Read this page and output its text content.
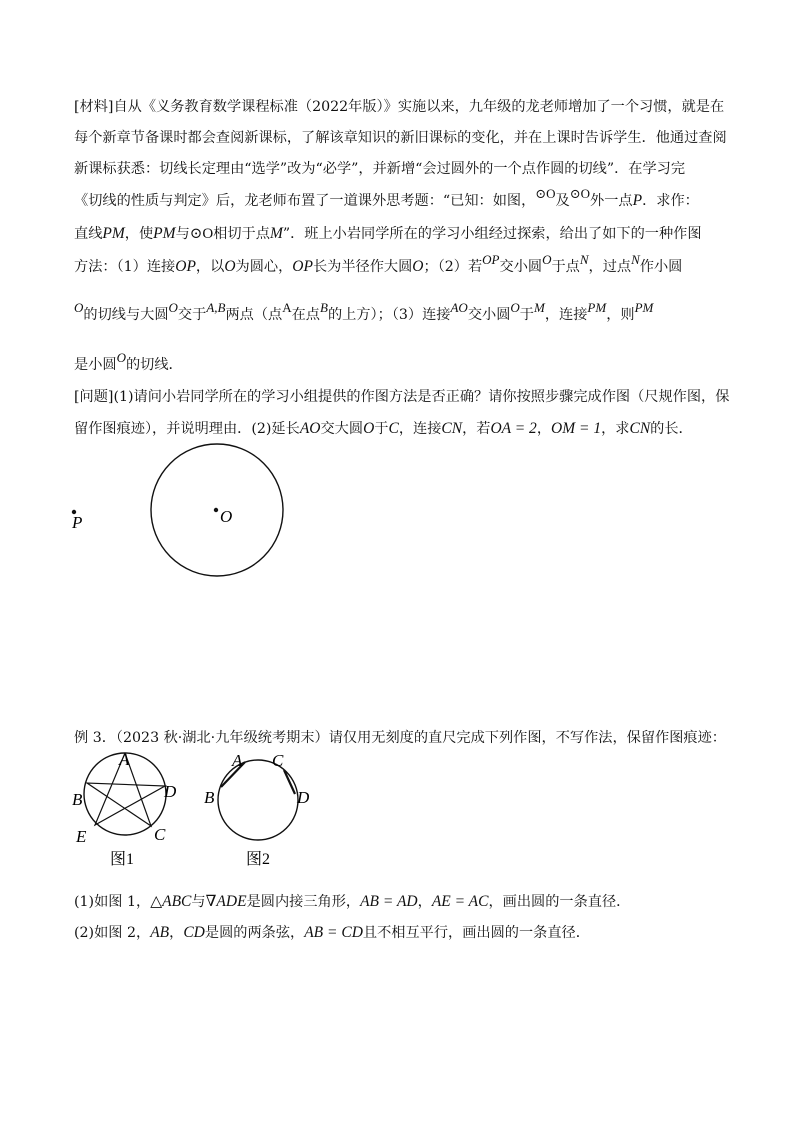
[材料]自从《义务教育数学课程标准（2022年版）》实施以来，九年级的龙老师增加了一个习惯，就是在
每个新章节备课时都会查阅新课标，了解该章知识的新旧课标的变化，并在上课时告诉学生．他通过查阅
新课标获悉：切线长定理由“选学”改为“必学”，并新增“会过圆外的一个点作圆的切线”．在学习完
《切线的性质与判定》后，龙老师布置了一道课外思考题：“已知：如图，⊙O及⊙O外一点P．求作：
直线PM，使PM与⊙O相切于点M”．班上小岩同学所在的学习小组经过探索，给出了如下的一种作图
方法：（1）连接OP，以O为圆心，OP长为半径作大圆O；（2）若OP交小圆O于点N，过点N作小圆
O的切线与大圆O交于A,B两点（点A在点B的上方）；（3）连接AO交小圆O于M，连接PM，则PM
是小圆O的切线．
[问题](1)请问小岩同学所在的学习小组提供的作图方法是否正确？请你按照步骤完成作图（尺规作图，保
留作图痕迹），并说明理由．(2)延长AO交大圆O于C，连接CN，若OA = 2，OM = 1，求CN的长．
O
P
例 3．（2023 秋·湖北·九年级统考期末）请仅用无刻度的直尺完成下列作图，不写作法，保留作图痕迹：
A
B	D
E	C
图1
A C
B	D
图2
(1)如图 1，△ABC与∇ADE是圆内接三角形，AB = AD，AE = AC，画出圆的一条直径．
(2)如图 2，AB，CD是圆的两条弦，AB = CD且不相互平行，画出圆的一条直径．
